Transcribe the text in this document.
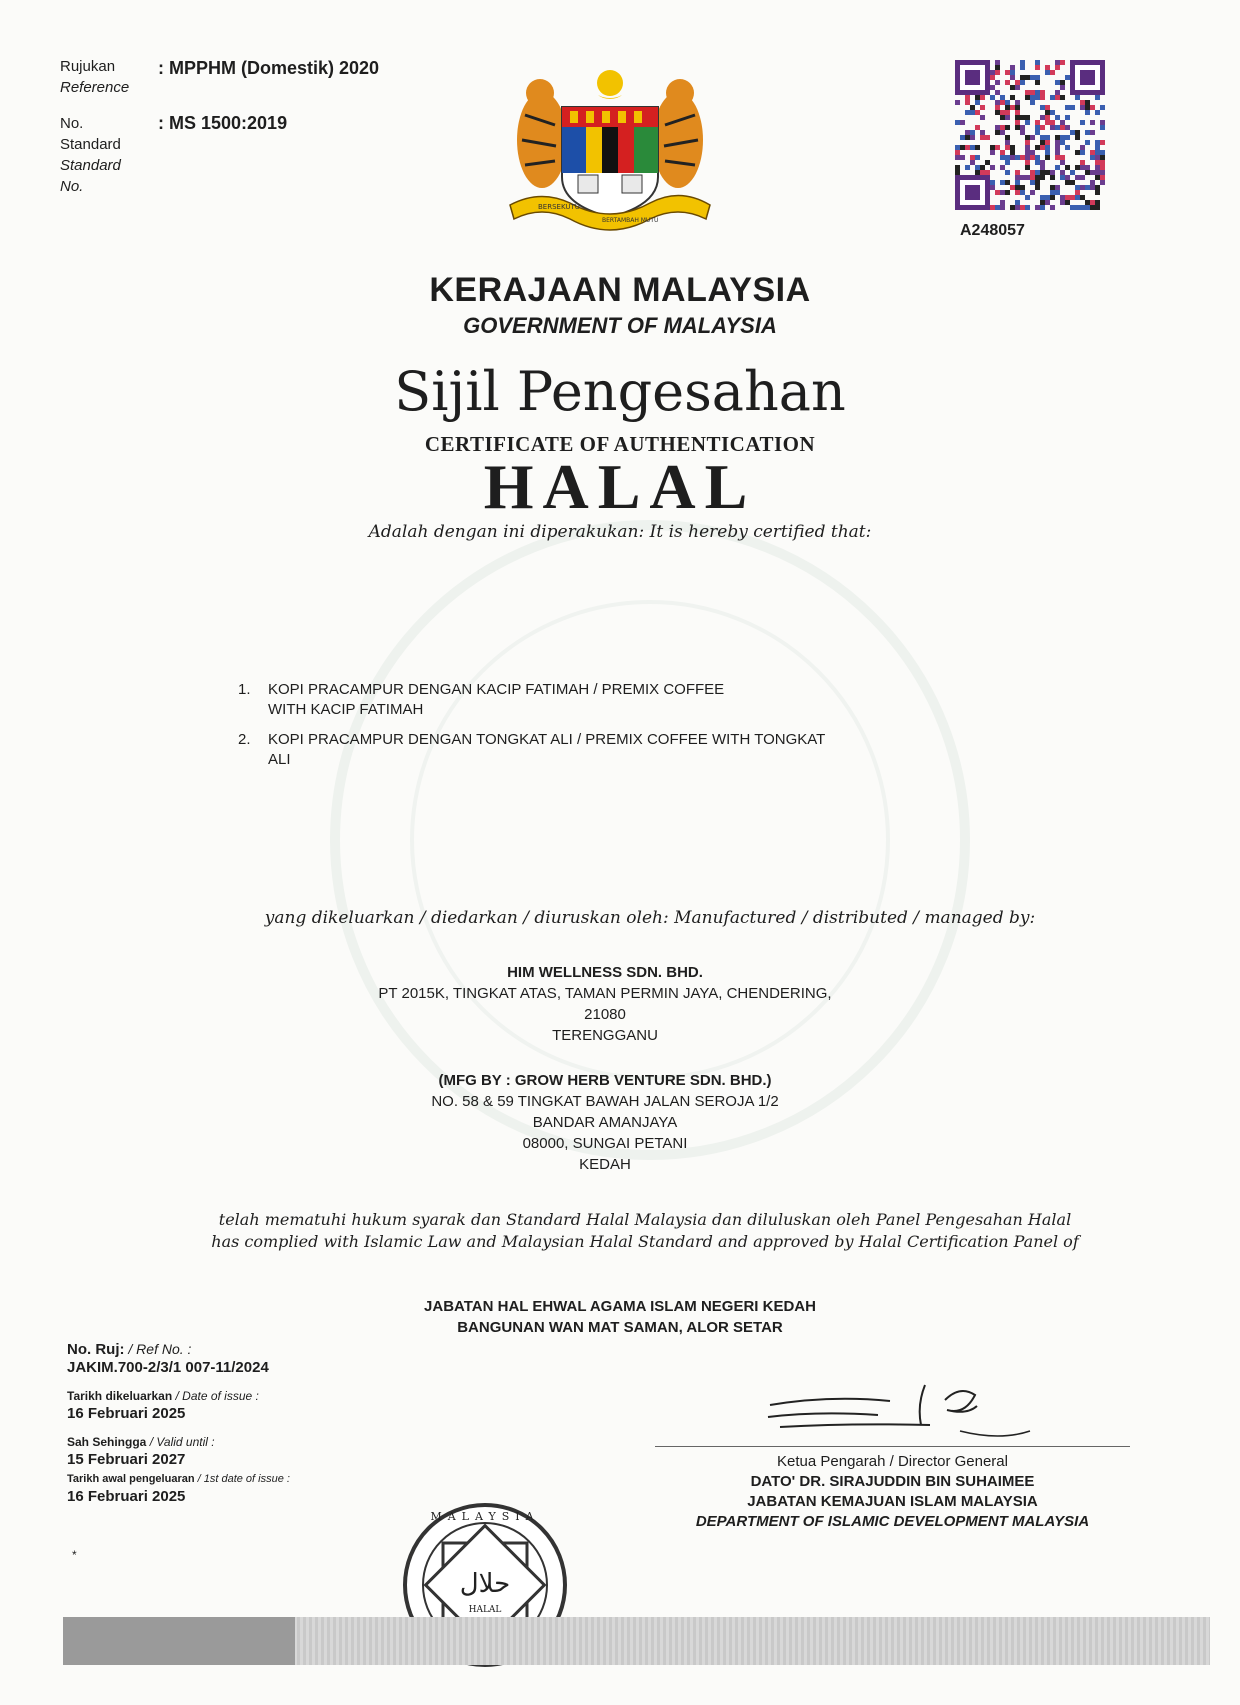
Rujukan
Reference
: MPPHM (Domestik) 2020
No.
Standard
Standard
No.
: MS 1500:2019
BERSEKUTU
BERTAMBAH MUTU
A248057
KERAJAAN MALAYSIA
GOVERNMENT OF MALAYSIA
Sijil Pengesahan
CERTIFICATE OF AUTHENTICATION
HALAL
Adalah dengan ini diperakukan: It is hereby certified that:
1. KOPI PRACAMPUR DENGAN KACIP FATIMAH / PREMIX COFFEE
WITH KACIP FATIMAH
2. KOPI PRACAMPUR DENGAN TONGKAT ALI / PREMIX COFFEE WITH TONGKAT
ALI
yang dikeluarkan / diedarkan / diuruskan oleh: Manufactured / distributed / managed by:
HIM WELLNESS SDN. BHD.
PT 2015K, TINGKAT ATAS, TAMAN PERMIN JAYA, CHENDERING,
21080
TERENGGANU
(MFG BY : GROW HERB VENTURE SDN. BHD.)
NO. 58 & 59 TINGKAT BAWAH JALAN SEROJA 1/2
BANDAR AMANJAYA
08000, SUNGAI PETANI
KEDAH
telah mematuhi hukum syarak dan Standard Halal Malaysia dan diluluskan oleh Panel Pengesahan Halal
has complied with Islamic Law and Malaysian Halal Standard and approved by Halal Certification Panel of
JABATAN HAL EHWAL AGAMA ISLAM NEGERI KEDAH
BANGUNAN WAN MAT SAMAN, ALOR SETAR
No. Ruj: / Ref No. :
JAKIM.700-2/3/1 007-11/2024
Tarikh dikeluarkan / Date of issue :
16 Februari 2025
Sah Sehingga / Valid until :
15 Februari 2027
Tarikh awal pengeluaran / 1st date of issue :
16 Februari 2025
*
Ketua Pengarah / Director General
DATO' DR. SIRAJUDDIN BIN SUHAIMEE
JABATAN KEMAJUAN ISLAM MALAYSIA
DEPARTMENT OF ISLAMIC DEVELOPMENT MALAYSIA
حلال
HALAL
MALAYSIA
